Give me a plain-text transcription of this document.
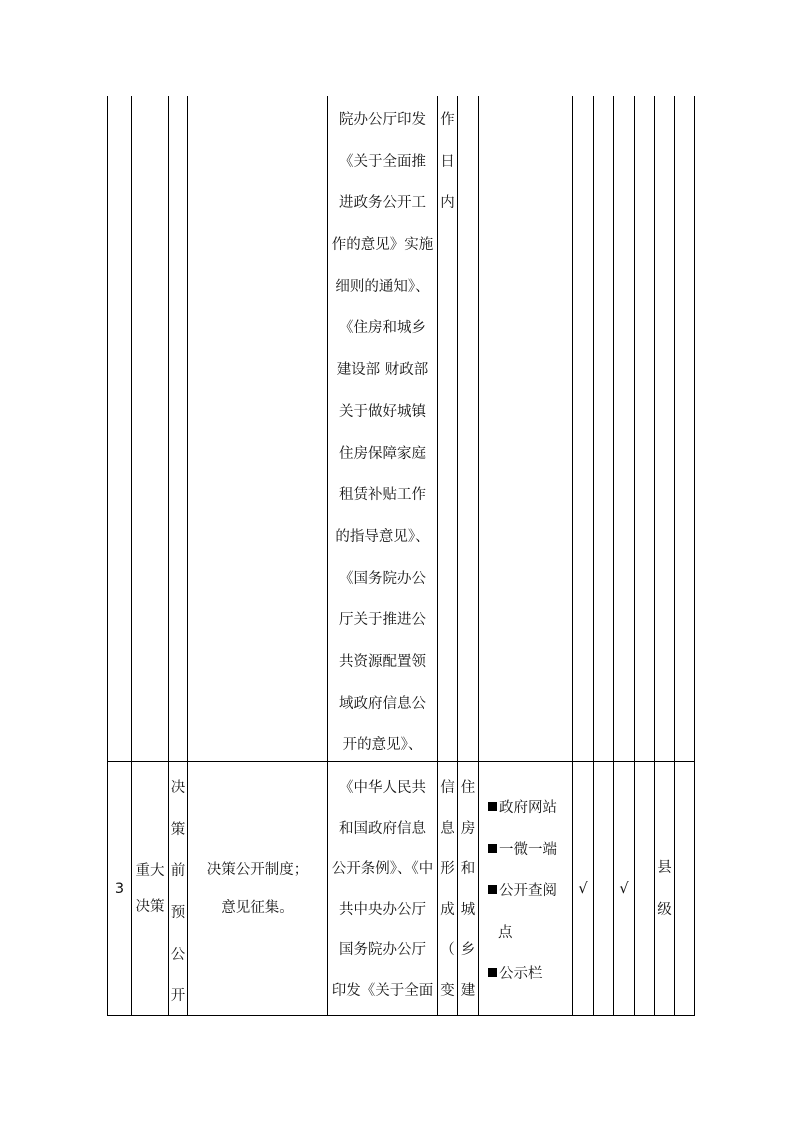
院办公厅印发
《关于全面推
进政务公开工
作的意见》实施
细则的通知》、
《住房和城乡
建设部 财政部
关于做好城镇
住房保障家庭
租赁补贴工作
的指导意见》、
《国务院办公
厅关于推进公
共资源配置领
域政府信息公
开的意见》、
作
日
内
3
重大
决策
决
策
前
预
公
开
决策公开制度；
意见征集。
《中华人民共
和国政府信息
公开条例》、《中
共中央办公厅
国务院办公厅
印发《关于全面
信
息
形
成
（
变
住
房
和
城
乡
建
政府网站
一微一端
公开查阅
点
公示栏
√ √
县
级
